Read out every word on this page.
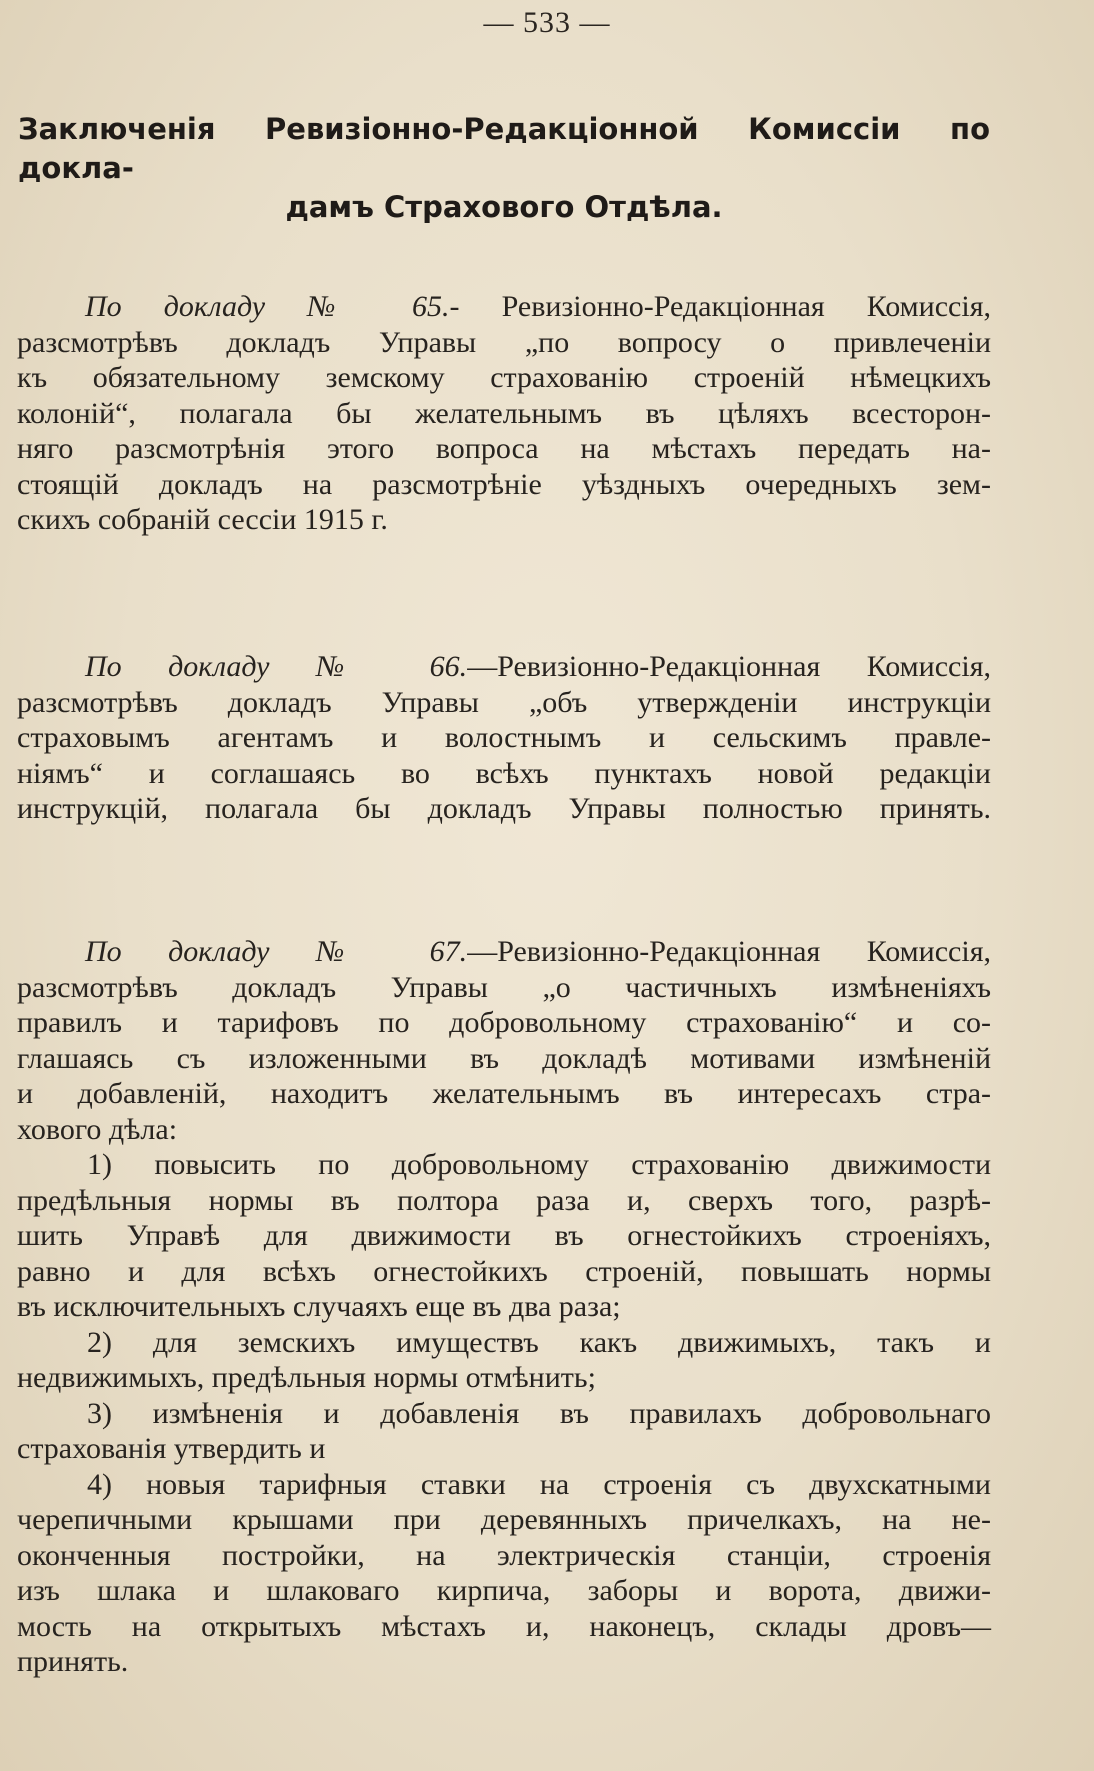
— 533 —
Заключенія Ревизіонно-Редакціонной Комиссіи по докла-
дамъ Страхового Отдѣла.
По докладу № 65.- Ревизіонно-Редакціонная Комиссія,
разсмотрѣвъ докладъ Управы „по вопросу о привлеченіи
къ обязательному земскому страхованію строеній нѣмецкихъ
колоній“, полагала бы желательнымъ въ цѣляхъ всесторон-
няго разсмотрѣнія этого вопроса на мѣстахъ передать на-
стоящій докладъ на разсмотрѣніе уѣздныхъ очередныхъ зем-
скихъ собраній сессіи 1915 г.
По докладу № 66.—Ревизіонно-Редакціонная Комиссія,
разсмотрѣвъ докладъ Управы „объ утвержденіи инструкціи
страховымъ агентамъ и волостнымъ и сельскимъ правле-
ніямъ“ и соглашаясь во всѣхъ пунктахъ новой редакціи
инструкцій, полагала бы докладъ Управы полностью принять.
По докладу № 67.—Ревизіонно-Редакціонная Комиссія,
разсмотрѣвъ докладъ Управы „о частичныхъ измѣненіяхъ
правилъ и тарифовъ по добровольному страхованію“ и со-
глашаясь съ изложенными въ докладѣ мотивами измѣненій
и добавленій, находитъ желательнымъ въ интересахъ стра-
хового дѣла:
1) повысить по добровольному страхованію движимости
предѣльныя нормы въ полтора раза и, сверхъ того, разрѣ-
шить Управѣ для движимости въ огнестойкихъ строеніяхъ,
равно и для всѣхъ огнестойкихъ строеній, повышать нормы
въ исключительныхъ случаяхъ еще въ два раза;
2) для земскихъ имуществъ какъ движимыхъ, такъ и
недвижимыхъ, предѣльныя нормы отмѣнить;
3) измѣненія и добавленія въ правилахъ добровольнаго
страхованія утвердить и
4) новыя тарифныя ставки на строенія съ двухскатными
черепичными крышами при деревянныхъ причелкахъ, на не-
оконченныя постройки, на электрическія станціи, строенія
изъ шлака и шлаковаго кирпича, заборы и ворота, движи-
мость на открытыхъ мѣстахъ и, наконецъ, склады дровъ—
принять.
